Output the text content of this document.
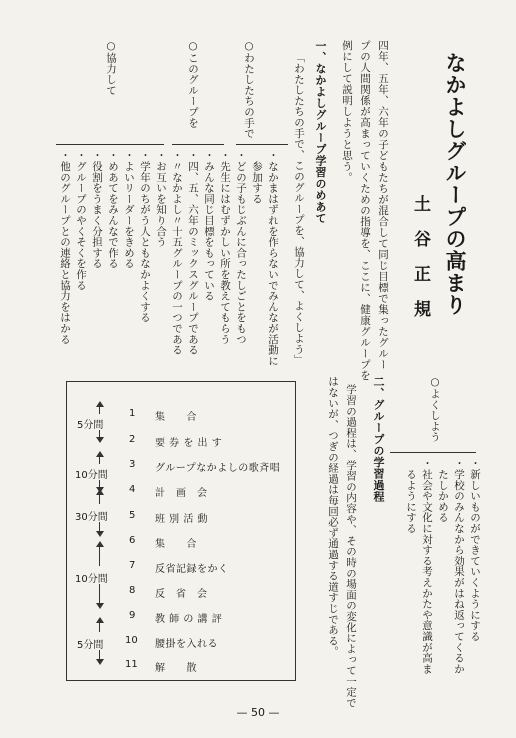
なかよしグループの高まり
土谷正規
四年、五年、六年の子どもたちが混合して同じ目標で集ったグルー
プの人間関係が高まっていくための指導を、ここに、健康グループを
例にして説明しようと思う。
一、なかよしグループ学習のめあて
「わたしたちの手で、このグループを、協力して、よくしよう」
○わたしたちの手で
・なかまはずれを作らないでみんなが活動に
　参加する
・どの子もじぶんに合ったしごとをもつ
・先生にはむずかしい所を教えてもらう
○このグループを
・みんな同じ目標をもっている
・四、五、六年のミックスグループである
・〃なかよし〃十五グループの一つである
○協力して
・お互いを知り合う
・学年のちがう人ともなかよくする
・よいリーダーをきめる
・めあてをみんなで作る
・役割をうまく分担する
・グループのやくそくを作る
・他のグループとの連絡と協力をはかる
○よくしよう
・新しいものができていくようにする
・学校のみんなから効果がはね返ってくるか
　たしかめる
・社会や文化に対する考えかたや意識が高ま
　るようにする
二、グループの学習過程
学習の過程は、学習の内容や、その時の場面の変化によって一定で
はないが、つぎの経過は毎回必ず通過する道すじである。
1 集　　合
2 要 券 を 出 す
3 グループなかよしの歌斉唱
4 計　画　会
5 班 別 活 動
6 集　　合
7 反省記録をかく
8 反　省　会
9 教 師 の 講 評
10 腰掛を入れる
11 解　　散
5分間
10分間
30分間
10分間
5分間
— 50 —
